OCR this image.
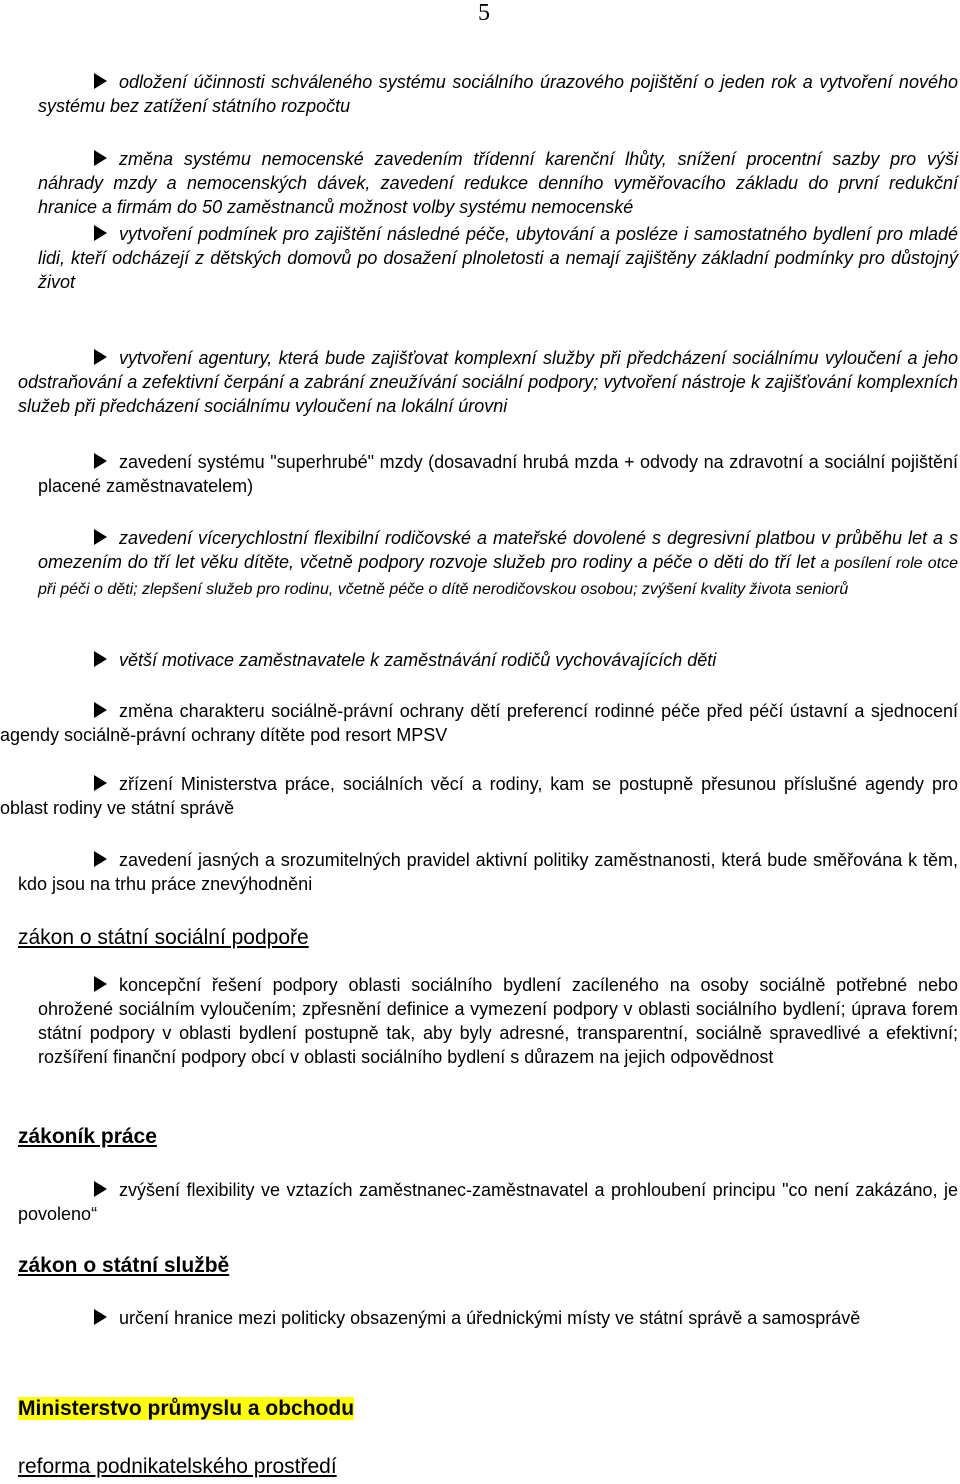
5
odložení účinnosti schváleného systému sociálního úrazového pojištění o jeden rok a vytvoření nového systému bez zatížení státního rozpočtu
změna systému nemocenské zavedením třídenní karenční lhůty, snížení procentní sazby pro výši náhrady mzdy a nemocenských dávek, zavedení redukce denního vyměřovacího základu do první redukční hranice a firmám do 50 zaměstnanců možnost volby systému nemocenské
vytvoření podmínek pro zajištění následné péče, ubytování a posléze i samostatného bydlení pro mladé lidi, kteří odcházejí z dětských domovů po dosažení plnoletosti a nemají zajištěny základní podmínky pro důstojný život
vytvoření agentury, která bude zajišťovat komplexní služby při předcházení sociálnímu vyloučení a jeho odstraňování a zefektivní čerpání a zabrání zneužívání sociální podpory; vytvoření nástroje k zajišťování komplexních služeb při předcházení sociálnímu vyloučení na lokální úrovni
zavedení systému "superhrubé" mzdy (dosavadní hrubá mzda + odvody na zdravotní a sociální pojištění placené zaměstnavatelem)
zavedení vícerychlostní flexibilní rodičovské a mateřské dovolené s degresivní platbou v průběhu let a s omezením do tří let věku dítěte, včetně podpory rozvoje služeb pro rodiny a péče o děti do tří let a posílení role otce při péči o děti; zlepšení služeb pro rodinu, včetně péče o dítě nerodičovskou osobou; zvýšení kvality života seniorů
větší motivace zaměstnavatele k zaměstnávání rodičů vychovávajících děti
změna charakteru sociálně-právní ochrany dětí preferencí rodinné péče před péčí ústavní a sjednocení agendy sociálně-právní ochrany dítěte pod resort MPSV
zřízení Ministerstva práce, sociálních věcí a rodiny, kam se postupně přesunou příslušné agendy pro oblast rodiny ve státní správě
zavedení jasných a srozumitelných pravidel aktivní politiky zaměstnanosti, která bude směřována k těm, kdo jsou na trhu práce znevýhodněni
zákon o státní sociální podpoře
koncepční řešení podpory oblasti sociálního bydlení zacíleného na osoby sociálně potřebné nebo ohrožené sociálním vyloučením; zpřesnění definice a vymezení podpory v oblasti sociálního bydlení; úprava forem státní podpory v oblasti bydlení postupně tak, aby byly adresné, transparentní, sociálně spravedlivé a efektivní; rozšíření finanční podpory obcí v oblasti sociálního bydlení s důrazem na jejich odpovědnost
zákoník práce
zvýšení flexibility ve vztazích zaměstnanec-zaměstnavatel a prohloubení principu "co není zakázáno, je povoleno“
zákon o státní službě
určení hranice mezi politicky obsazenými a úřednickými místy ve státní správě a samosprávě
Ministerstvo průmyslu a obchodu
reforma podnikatelského prostředí
